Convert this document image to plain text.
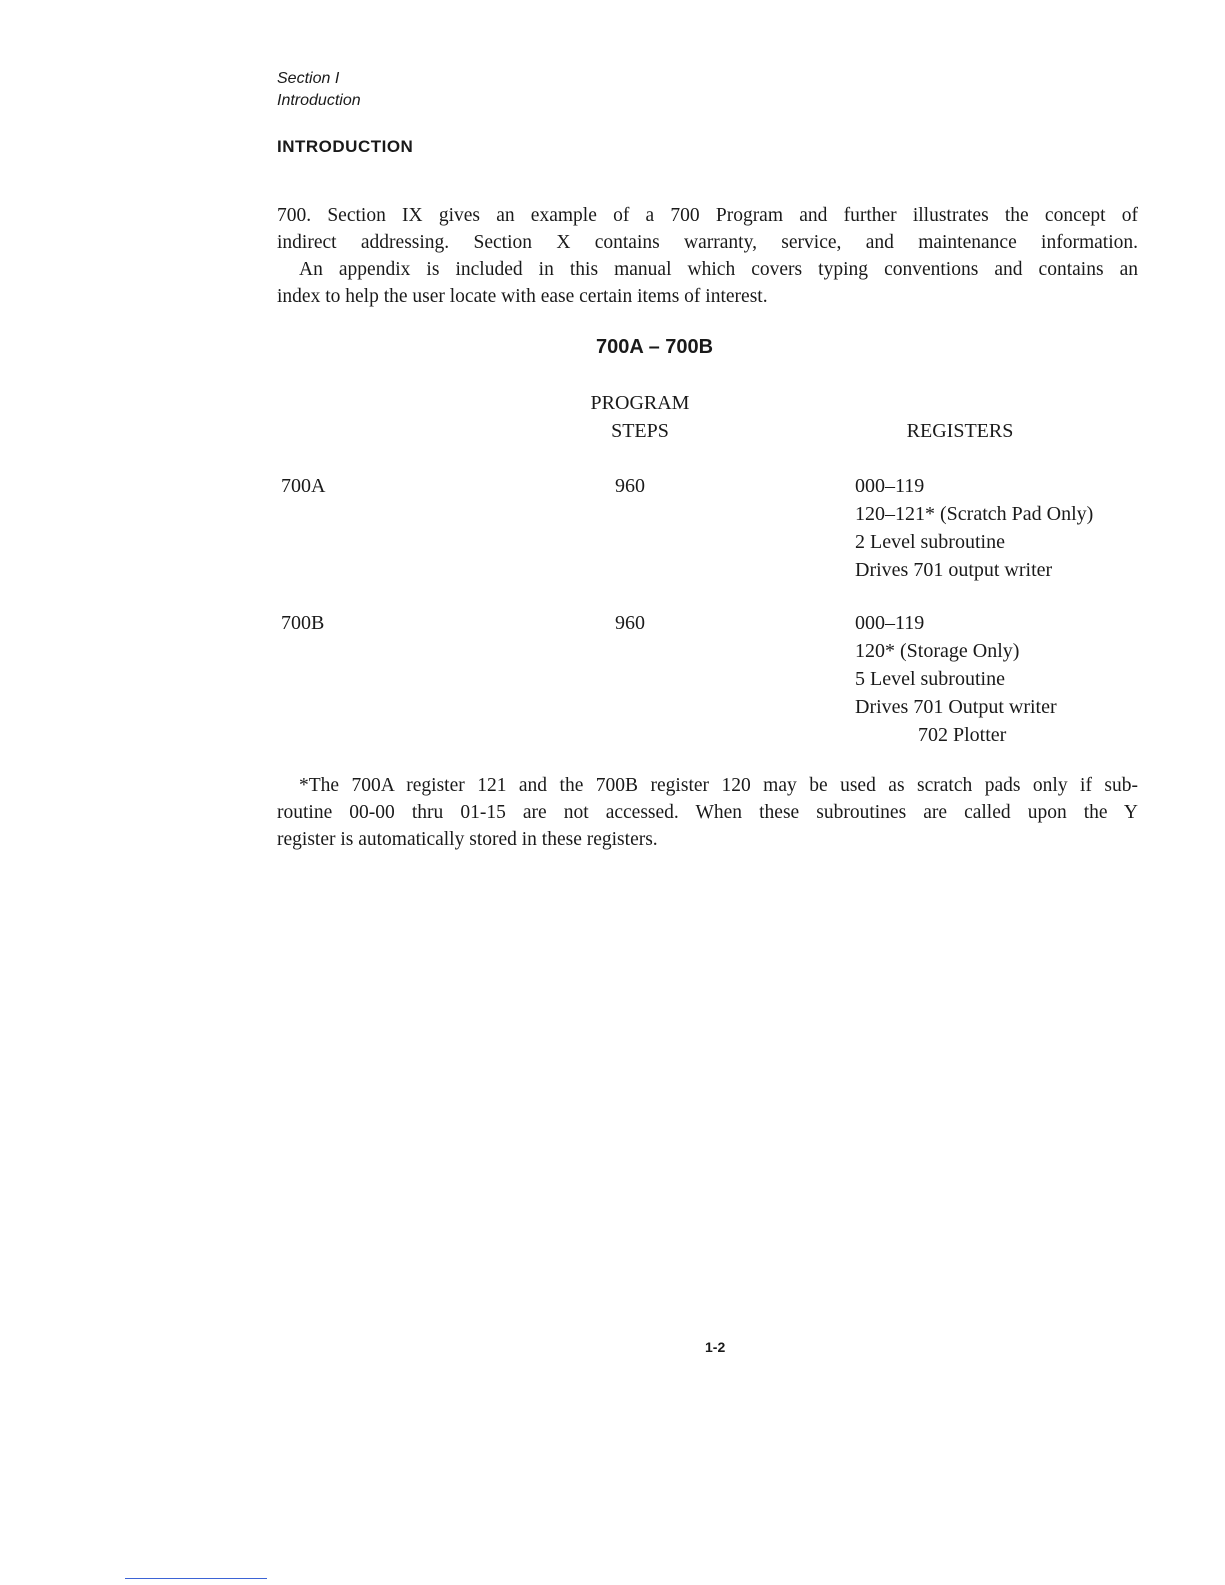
Section I
Introduction
INTRODUCTION
700. Section IX gives an example of a 700 Program and further illustrates the concept of
indirect addressing. Section X contains warranty, service, and maintenance information.
An appendix is included in this manual which covers typing conventions and contains an
index to help the user locate with ease certain items of interest.
700A – 700B
PROGRAM
STEPS	REGISTERS
700A	960	000–119
120–121* (Scratch Pad Only)
2 Level subroutine
Drives 701 output writer
700B	960	000–119
120* (Storage Only)
5 Level subroutine
Drives 701 Output writer
702 Plotter
*The 700A register 121 and the 700B register 120 may be used as scratch pads only if sub-
routine 00-00 thru 01-15 are not accessed. When these subroutines are called upon the Y
register is automatically stored in these registers.
1-2
